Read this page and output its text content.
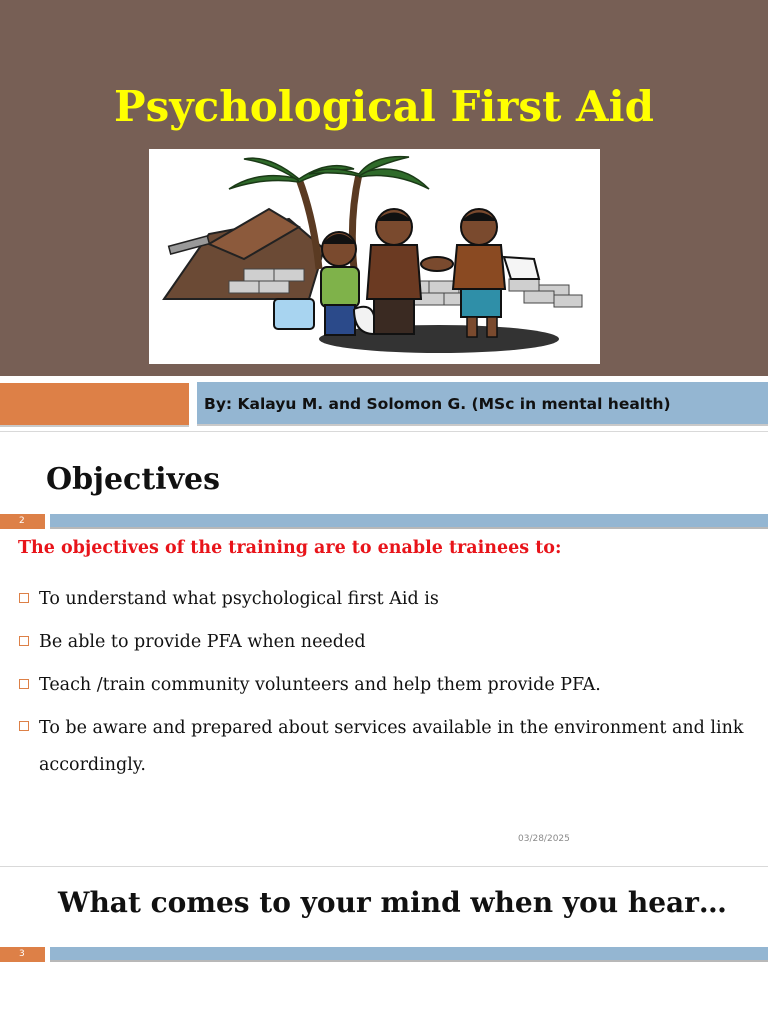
Psychological First Aid
By: Kalayu M. and Solomon G. (MSc in mental health)
Objectives
2
The objectives of the training are to enable trainees to:
To understand what psychological first Aid is
Be able to provide PFA when needed
Teach /train community volunteers and help them provide PFA.
To be aware and prepared about services available in the environment and link accordingly.
03/28/2025
What comes to your mind when you hear…
3
